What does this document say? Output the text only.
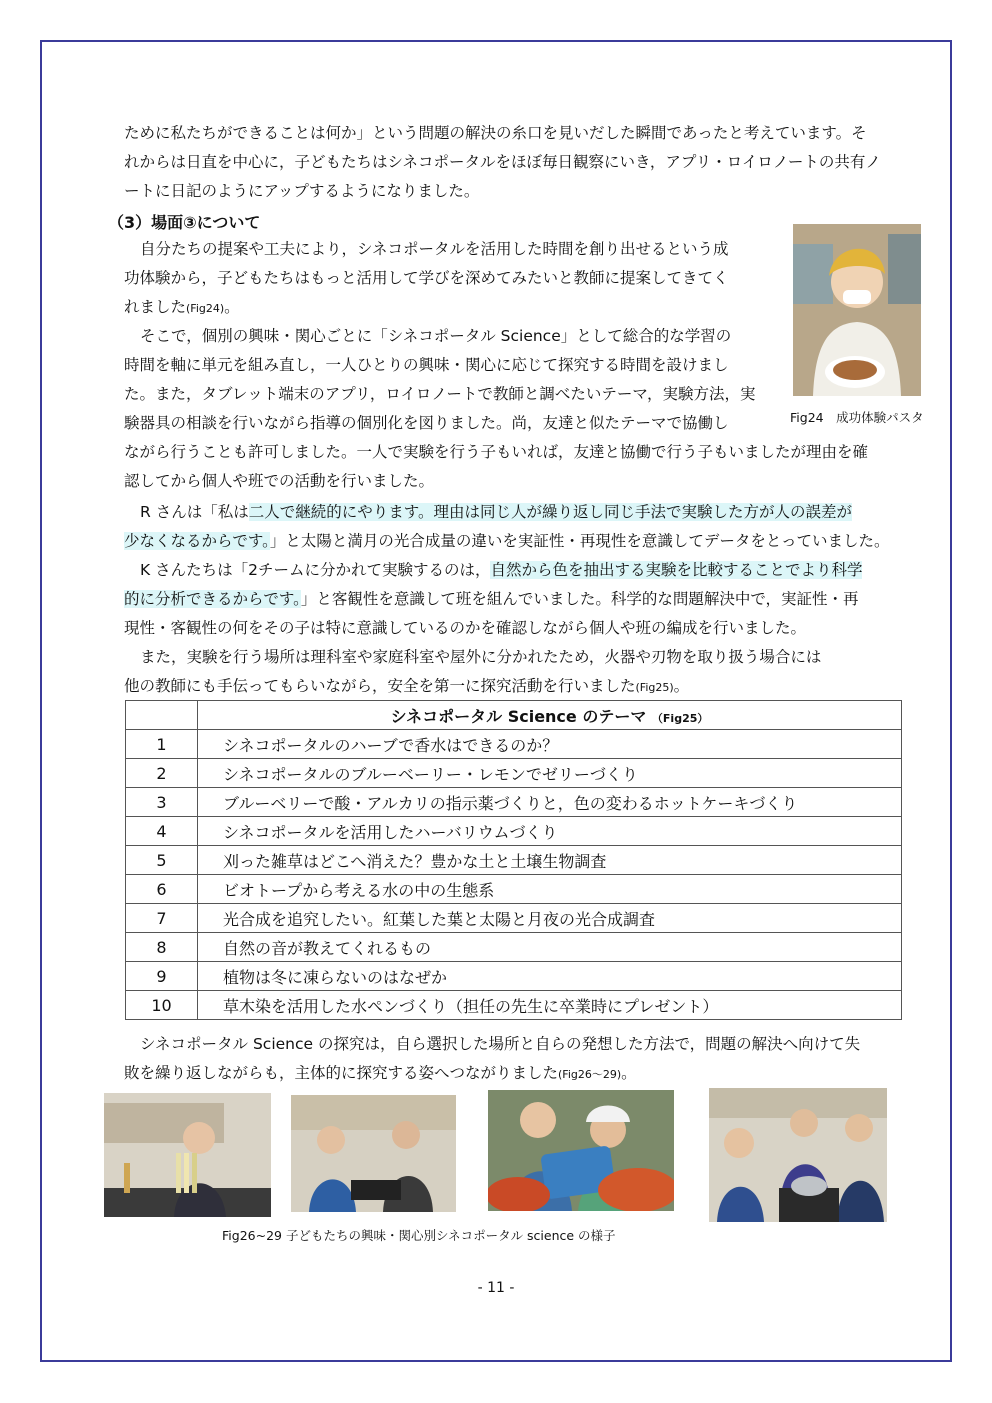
ために私たちができることは何か」という問題の解決の糸口を見いだした瞬間であったと考えています。そ

れからは日直を中心に，子どもたちはシネコポータルをほぼ毎日観察にいき，アプリ・ロイロノートの共有ノ

ートに日記のようにアップするようになりました。

（3）場面③について

自分たちの提案や工夫により，シネコポータルを活用した時間を創り出せるという成

功体験から，子どもたちはもっと活用して学びを深めてみたいと教師に提案してきてく

れました(Fig24)。

そこで，個別の興味・関心ごとに「シネコポータル Science」として総合的な学習の

時間を軸に単元を組み直し，一人ひとりの興味・関心に応じて探究する時間を設けまし

た。また，タブレット端末のアプリ，ロイロノートで教師と調べたいテーマ，実験方法，実

験器具の相談を行いながら指導の個別化を図りました。尚，友達と似たテーマで協働し

ながら行うことも許可しました。一人で実験を行う子もいれば，友達と協働で行う子もいましたが理由を確

認してから個人や班での活動を行いました。

Fig24　成功体験パスタ

R さんは「私は二人で継続的にやります。理由は同じ人が繰り返し同じ手法で実験した方が人の誤差が

少なくなるからです。」と太陽と満月の光合成量の違いを実証性・再現性を意識してデータをとっていました。

K さんたちは「2チームに分かれて実験するのは，自然から色を抽出する実験を比較することでより科学

的に分析できるからです。」と客観性を意識して班を組んでいました。科学的な問題解決中で，実証性・再

現性・客観性の何をその子は特に意識しているのかを確認しながら個人や班の編成を行いました。

また，実験を行う場所は理科室や家庭科室や屋外に分かれたため，火器や刃物を取り扱う場合には

他の教師にも手伝ってもらいながら，安全を第一に探究活動を行いました(Fig25)。

	シネコポータル Science のテーマ （Fig25）
1	シネコポータルのハーブで香水はできるのか？
2	シネコポータルのブルーベーリー・レモンでゼリーづくり
3	ブルーベリーで酸・アルカリの指示薬づくりと，色の変わるホットケーキづくり
4	シネコポータルを活用したハーバリウムづくり
5	刈った雑草はどこへ消えた？豊かな土と土壌生物調査
6	ビオトープから考える水の中の生態系
7	光合成を追究したい。紅葉した葉と太陽と月夜の光合成調査
8	自然の音が教えてくれるもの
9	植物は冬に凍らないのはなぜか
10	草木染を活用した水ペンづくり（担任の先生に卒業時にプレゼント）

シネコポータル Science の探究は，自ら選択した場所と自らの発想した方法で，問題の解決へ向けて失

敗を繰り返しながらも，主体的に探究する姿へつながりました(Fig26～29)。

Fig26~29 子どもたちの興味・関心別シネコポータル science の様子
- 11 -
